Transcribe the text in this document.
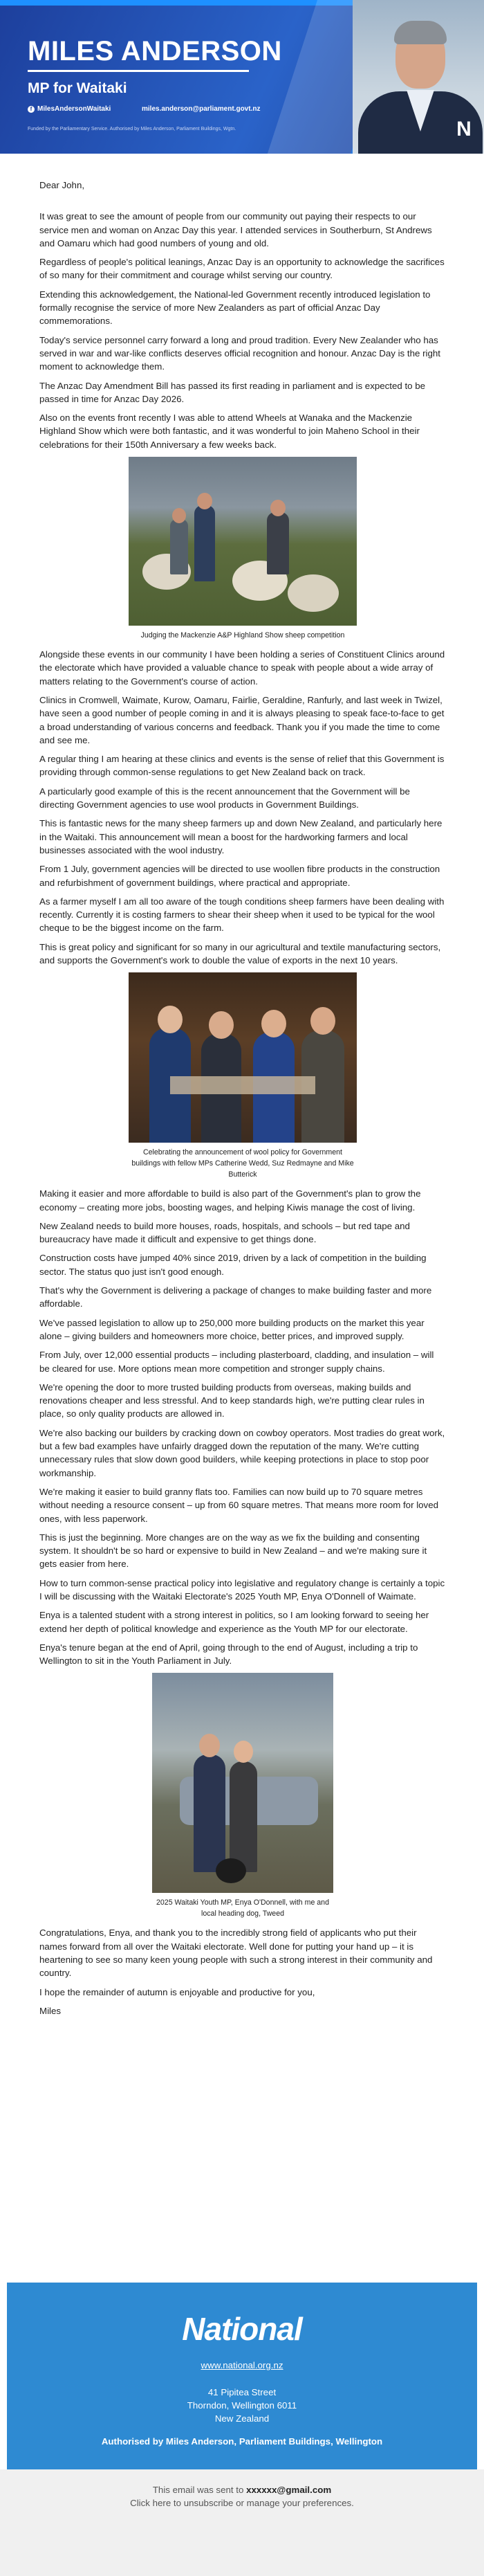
MILES ANDERSON
MP for Waitaki
f MilesAndersonWaitaki	miles.anderson@parliament.govt.nz
Funded by the Parliamentary Service. Authorised by Miles Anderson, Parliament Buildings, Wgtn.	N

Dear John,

It was great to see the amount of people from our community out paying their respects to our service men and woman on Anzac Day this year. I attended services in Southerburn, St Andrews and Oamaru which had good numbers of young and old.

Regardless of people's political leanings, Anzac Day is an opportunity to acknowledge the sacrifices of so many for their commitment and courage whilst serving our country.

Extending this acknowledgement, the National-led Government recently introduced legislation to formally recognise the service of more New Zealanders as part of official Anzac Day commemorations.

Today's service personnel carry forward a long and proud tradition. Every New Zealander who has served in war and war-like conflicts deserves official recognition and honour. Anzac Day is the right moment to acknowledge them.

The Anzac Day Amendment Bill has passed its first reading in parliament and is expected to be passed in time for Anzac Day 2026.

Also on the events front recently I was able to attend Wheels at Wanaka and the Mackenzie Highland Show which were both fantastic, and it was wonderful to join Maheno School in their celebrations for their 150th Anniversary a few weeks back.

Judging the Mackenzie A&P Highland Show sheep competition

Alongside these events in our community I have been holding a series of Constituent Clinics around the electorate which have provided a valuable chance to speak with people about a wide array of matters relating to the Government's course of action.

Clinics in Cromwell, Waimate, Kurow, Oamaru, Fairlie, Geraldine, Ranfurly, and last week in Twizel, have seen a good number of people coming in and it is always pleasing to speak face-to-face to get a broad understanding of various concerns and feedback. Thank you if you made the time to come and see me.

A regular thing I am hearing at these clinics and events is the sense of relief that this Government is providing through common-sense regulations to get New Zealand back on track.

A particularly good example of this is the recent announcement that the Government will be directing Government agencies to use wool products in Government Buildings.

This is fantastic news for the many sheep farmers up and down New Zealand, and particularly here in the Waitaki. This announcement will mean a boost for the hardworking farmers and local businesses associated with the wool industry.

From 1 July, government agencies will be directed to use woollen fibre products in the construction and refurbishment of government buildings, where practical and appropriate.

As a farmer myself I am all too aware of the tough conditions sheep farmers have been dealing with recently. Currently it is costing farmers to shear their sheep when it used to be typical for the wool cheque to be the biggest income on the farm.

This is great policy and significant for so many in our agricultural and textile manufacturing sectors, and supports the Government's work to double the value of exports in the next 10 years.

Celebrating the announcement of wool policy for Government buildings with fellow MPs Catherine Wedd, Suz Redmayne and Mike Butterick

Making it easier and more affordable to build is also part of the Government's plan to grow the economy – creating more jobs, boosting wages, and helping Kiwis manage the cost of living.

New Zealand needs to build more houses, roads, hospitals, and schools – but red tape and bureaucracy have made it difficult and expensive to get things done.

Construction costs have jumped 40% since 2019, driven by a lack of competition in the building sector. The status quo just isn't good enough.

That's why the Government is delivering a package of changes to make building faster and more affordable.

We've passed legislation to allow up to 250,000 more building products on the market this year alone – giving builders and homeowners more choice, better prices, and improved supply.

From July, over 12,000 essential products – including plasterboard, cladding, and insulation – will be cleared for use. More options mean more competition and stronger supply chains.

We're opening the door to more trusted building products from overseas, making builds and renovations cheaper and less stressful. And to keep standards high, we're putting clear rules in place, so only quality products are allowed in.

We're also backing our builders by cracking down on cowboy operators. Most tradies do great work, but a few bad examples have unfairly dragged down the reputation of the many. We're cutting unnecessary rules that slow down good builders, while keeping protections in place to stop poor workmanship.

We're making it easier to build granny flats too. Families can now build up to 70 square metres without needing a resource consent – up from 60 square metres. That means more room for loved ones, with less paperwork.

This is just the beginning. More changes are on the way as we fix the building and consenting system. It shouldn't be so hard or expensive to build in New Zealand – and we're making sure it gets easier from here.

How to turn common-sense practical policy into legislative and regulatory change is certainly a topic I will be discussing with the Waitaki Electorate's 2025 Youth MP, Enya O'Donnell of Waimate.

Enya is a talented student with a strong interest in politics, so I am looking forward to seeing her extend her depth of political knowledge and experience as the Youth MP for our electorate.

Enya's tenure began at the end of April, going through to the end of August, including a trip to Wellington to sit in the Youth Parliament in July.

2025 Waitaki Youth MP, Enya O'Donnell, with me and local heading dog, Tweed

Congratulations, Enya, and thank you to the incredibly strong field of applicants who put their names forward from all over the Waitaki electorate. Well done for putting your hand up – it is heartening to see so many keen young people with such a strong interest in their community and country.

I hope the remainder of autumn is enjoyable and productive for you,

Miles

National
www.national.org.nz
41 Pipitea Street
Thorndon, Wellington 6011
New Zealand
Authorised by Miles Anderson, Parliament Buildings, Wellington
This email was sent to xxxxxx@gmail.com
Click here to unsubscribe or manage your preferences.
